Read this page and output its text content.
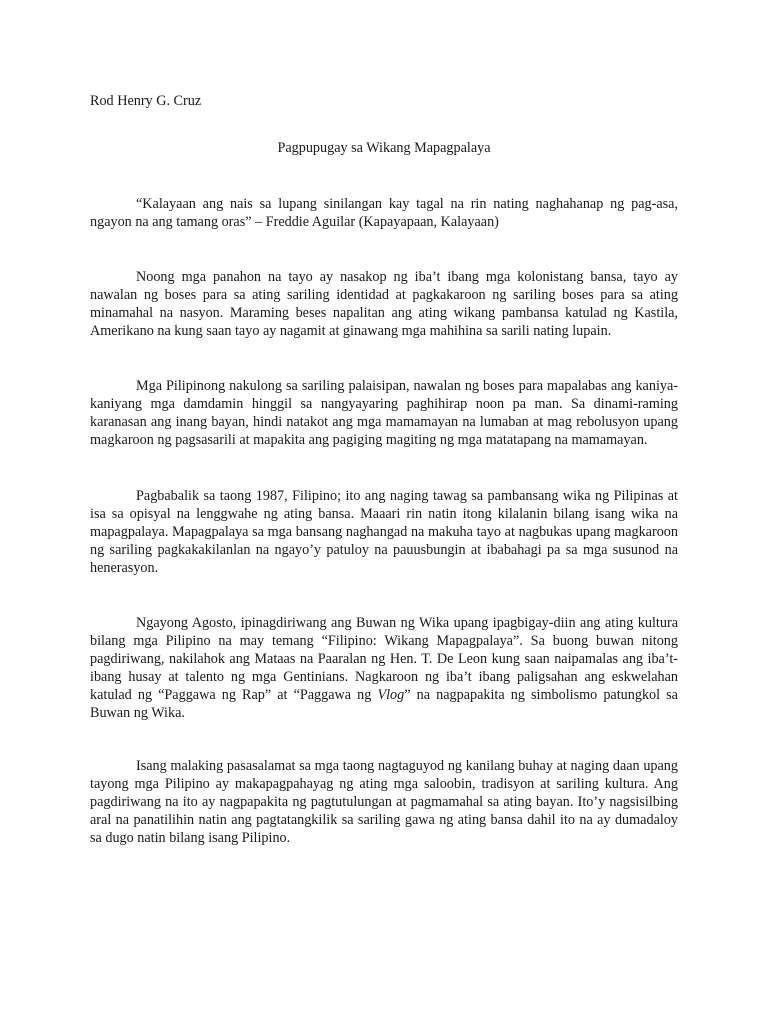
Rod Henry G. Cruz

Pagpupugay sa Wikang Mapagpalaya

“Kalayaan ang nais sa lupang sinilangan kay tagal na rin nating naghahanap ng pag-asa, ngayon na ang tamang oras” – Freddie Aguilar (Kapayapaan, Kalayaan)

Noong mga panahon na tayo ay nasakop ng iba’t ibang mga kolonistang bansa, tayo ay nawalan ng boses para sa ating sariling identidad at pagkakaroon ng sariling boses para sa ating minamahal na nasyon. Maraming beses napalitan ang ating wikang pambansa katulad ng Kastila, Amerikano na kung saan tayo ay nagamit at ginawang mga mahihina sa sarili nating lupain.

Mga Pilipinong nakulong sa sariling palaisipan, nawalan ng boses para mapalabas ang kaniya-kaniyang mga damdamin hinggil sa nangyayaring paghihirap noon pa man. Sa dinami-raming karanasan ang inang bayan, hindi natakot ang mga mamamayan na lumaban at mag rebolusyon upang magkaroon ng pagsasarili at mapakita ang pagiging magiting ng mga matatapang na mamamayan.

Pagbabalik sa taong 1987, Filipino; ito ang naging tawag sa pambansang wika ng Pilipinas at isa sa opisyal na lenggwahe ng ating bansa. Maaari rin natin itong kilalanin bilang isang wika na mapagpalaya. Mapagpalaya sa mga bansang naghangad na makuha tayo at nagbukas upang magkaroon ng sariling pagkakakilanlan na ngayo’y patuloy na pauusbungin at ibabahagi pa sa mga susunod na henerasyon.

Ngayong Agosto, ipinagdiriwang ang Buwan ng Wika upang ipagbigay-diin ang ating kultura bilang mga Pilipino na may temang “Filipino: Wikang Mapagpalaya”. Sa buong buwan nitong pagdiriwang, nakilahok ang Mataas na Paaralan ng Hen. T. De Leon kung saan naipamalas ang iba’t-ibang husay at talento ng mga Gentinians. Nagkaroon ng iba’t ibang paligsahan ang eskwelahan katulad ng “Paggawa ng Rap” at “Paggawa ng Vlog” na nagpapakita ng simbolismo patungkol sa Buwan ng Wika.

Isang malaking pasasalamat sa mga taong nagtaguyod ng kanilang buhay at naging daan upang tayong mga Pilipino ay makapagpahayag ng ating mga saloobin, tradisyon at sariling kultura. Ang pagdiriwang na ito ay nagpapakita ng pagtutulungan at pagmamahal sa ating bayan. Ito’y nagsisilbing aral na panatilihin natin ang pagtatangkilik sa sariling gawa ng ating bansa dahil ito na ay dumadaloy sa dugo natin bilang isang Pilipino.
